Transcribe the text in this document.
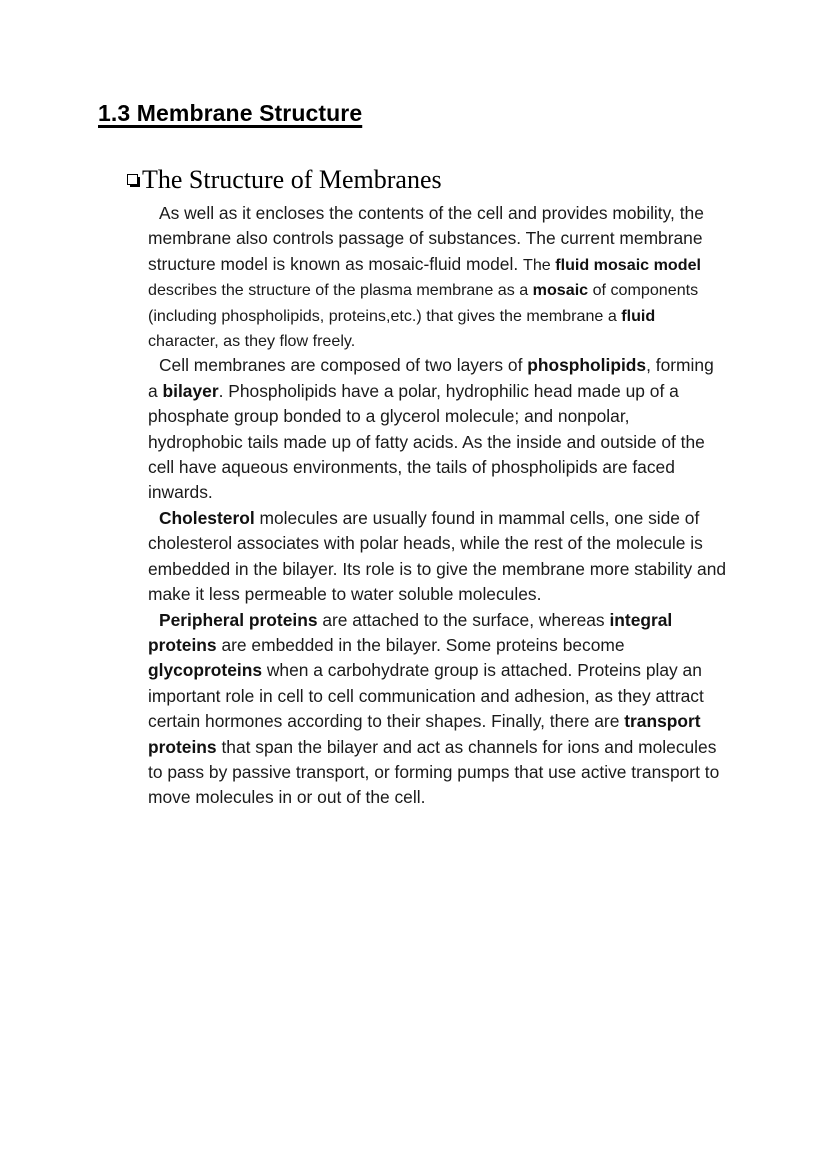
1.3 Membrane Structure
The Structure of Membranes

As well as it encloses the contents of the cell and provides mobility, the membrane also controls passage of substances. The current membrane structure model is known as mosaic-fluid model. The fluid mosaic model describes the structure of the plasma membrane as a mosaic of components (including phospholipids, proteins,etc.) that gives the membrane a fluid character, as they flow freely.

Cell membranes are composed of two layers of phospholipids, forming a bilayer. Phospholipids have a polar, hydrophilic head made up of a phosphate group bonded to a glycerol molecule; and nonpolar, hydrophobic tails made up of fatty acids. As the inside and outside of the cell have aqueous environments, the tails of phospholipids are faced inwards.

Cholesterol molecules are usually found in mammal cells, one side of cholesterol associates with polar heads, while the rest of the molecule is embedded in the bilayer. Its role is to give the membrane more stability and make it less permeable to water soluble molecules.

Peripheral proteins are attached to the surface, whereas integral proteins are embedded in the bilayer. Some proteins become glycoproteins when a carbohydrate group is attached. Proteins play an important role in cell to cell communication and adhesion, as they attract certain hormones according to their shapes. Finally, there are transport proteins that span the bilayer and act as channels for ions and molecules to pass by passive transport, or forming pumps that use active transport to move molecules in or out of the cell.
